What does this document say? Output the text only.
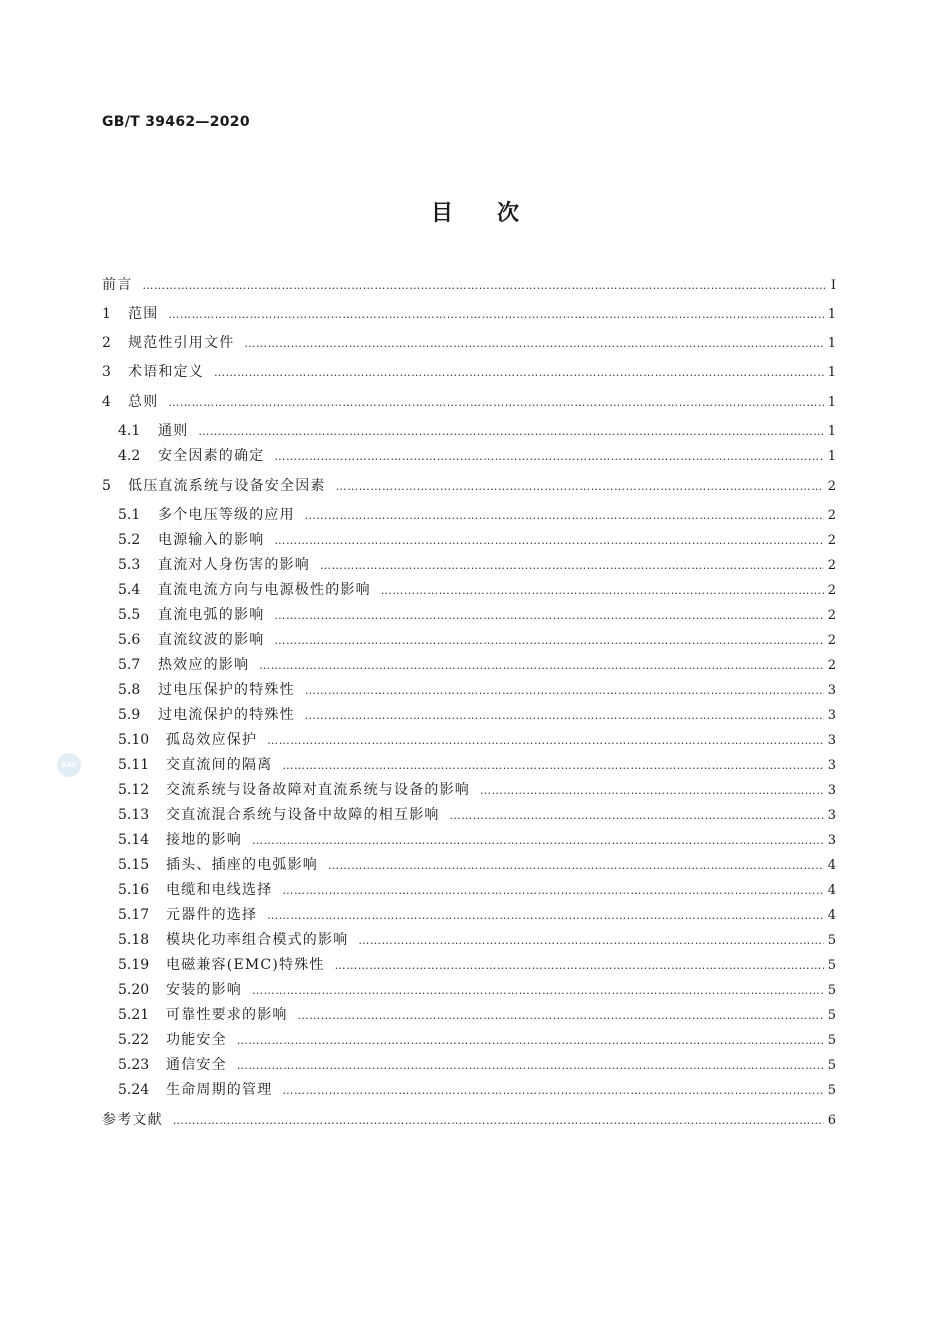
GB/T 39462—2020
目次
SAC
前言 ……………………………………………………………………………………………………………………………………………………………………………………………………………………………………………………	Ⅰ
1	范围 ……………………………………………………………………………………………………………………………………………………………………………………………………………………………………………………	1
2	规范性引用文件 ……………………………………………………………………………………………………………………………………………………………………………………………………………………………………………………	1
3	术语和定义 ……………………………………………………………………………………………………………………………………………………………………………………………………………………………………………………	1
4	总则 ……………………………………………………………………………………………………………………………………………………………………………………………………………………………………………………	1
4.1	通则 ……………………………………………………………………………………………………………………………………………………………………………………………………………………………………………………	1
4.2	安全因素的确定 ……………………………………………………………………………………………………………………………………………………………………………………………………………………………………………………	1
5	低压直流系统与设备安全因素 ……………………………………………………………………………………………………………………………………………………………………………………………………………………………………………………	2
5.1	多个电压等级的应用 ……………………………………………………………………………………………………………………………………………………………………………………………………………………………………………………	2
5.2	电源输入的影响 ……………………………………………………………………………………………………………………………………………………………………………………………………………………………………………………	2
5.3	直流对人身伤害的影响 ……………………………………………………………………………………………………………………………………………………………………………………………………………………………………………………	2
5.4	直流电流方向与电源极性的影响 ……………………………………………………………………………………………………………………………………………………………………………………………………………………………………………………	2
5.5	直流电弧的影响 ……………………………………………………………………………………………………………………………………………………………………………………………………………………………………………………	2
5.6	直流纹波的影响 ……………………………………………………………………………………………………………………………………………………………………………………………………………………………………………………	2
5.7	热效应的影响 ……………………………………………………………………………………………………………………………………………………………………………………………………………………………………………………	2
5.8	过电压保护的特殊性 ……………………………………………………………………………………………………………………………………………………………………………………………………………………………………………………	3
5.9	过电流保护的特殊性 ……………………………………………………………………………………………………………………………………………………………………………………………………………………………………………………	3
5.10	孤岛效应保护 ……………………………………………………………………………………………………………………………………………………………………………………………………………………………………………………	3
5.11	交直流间的隔离 ……………………………………………………………………………………………………………………………………………………………………………………………………………………………………………………	3
5.12	交流系统与设备故障对直流系统与设备的影响 ……………………………………………………………………………………………………………………………………………………………………………………………………………………………………………………	3
5.13	交直流混合系统与设备中故障的相互影响 ……………………………………………………………………………………………………………………………………………………………………………………………………………………………………………………	3
5.14	接地的影响 ……………………………………………………………………………………………………………………………………………………………………………………………………………………………………………………	3
5.15	插头、插座的电弧影响 ……………………………………………………………………………………………………………………………………………………………………………………………………………………………………………………	4
5.16	电缆和电线选择 ……………………………………………………………………………………………………………………………………………………………………………………………………………………………………………………	4
5.17	元器件的选择 ……………………………………………………………………………………………………………………………………………………………………………………………………………………………………………………	4
5.18	模块化功率组合模式的影响 ……………………………………………………………………………………………………………………………………………………………………………………………………………………………………………………	5
5.19	电磁兼容(EMC)特殊性 ……………………………………………………………………………………………………………………………………………………………………………………………………………………………………………………	5
5.20	安装的影响 ……………………………………………………………………………………………………………………………………………………………………………………………………………………………………………………	5
5.21	可靠性要求的影响 ……………………………………………………………………………………………………………………………………………………………………………………………………………………………………………………	5
5.22	功能安全 ……………………………………………………………………………………………………………………………………………………………………………………………………………………………………………………	5
5.23	通信安全 ……………………………………………………………………………………………………………………………………………………………………………………………………………………………………………………	5
5.24	生命周期的管理 ……………………………………………………………………………………………………………………………………………………………………………………………………………………………………………………	5
参考文献 ……………………………………………………………………………………………………………………………………………………………………………………………………………………………………………………	6
